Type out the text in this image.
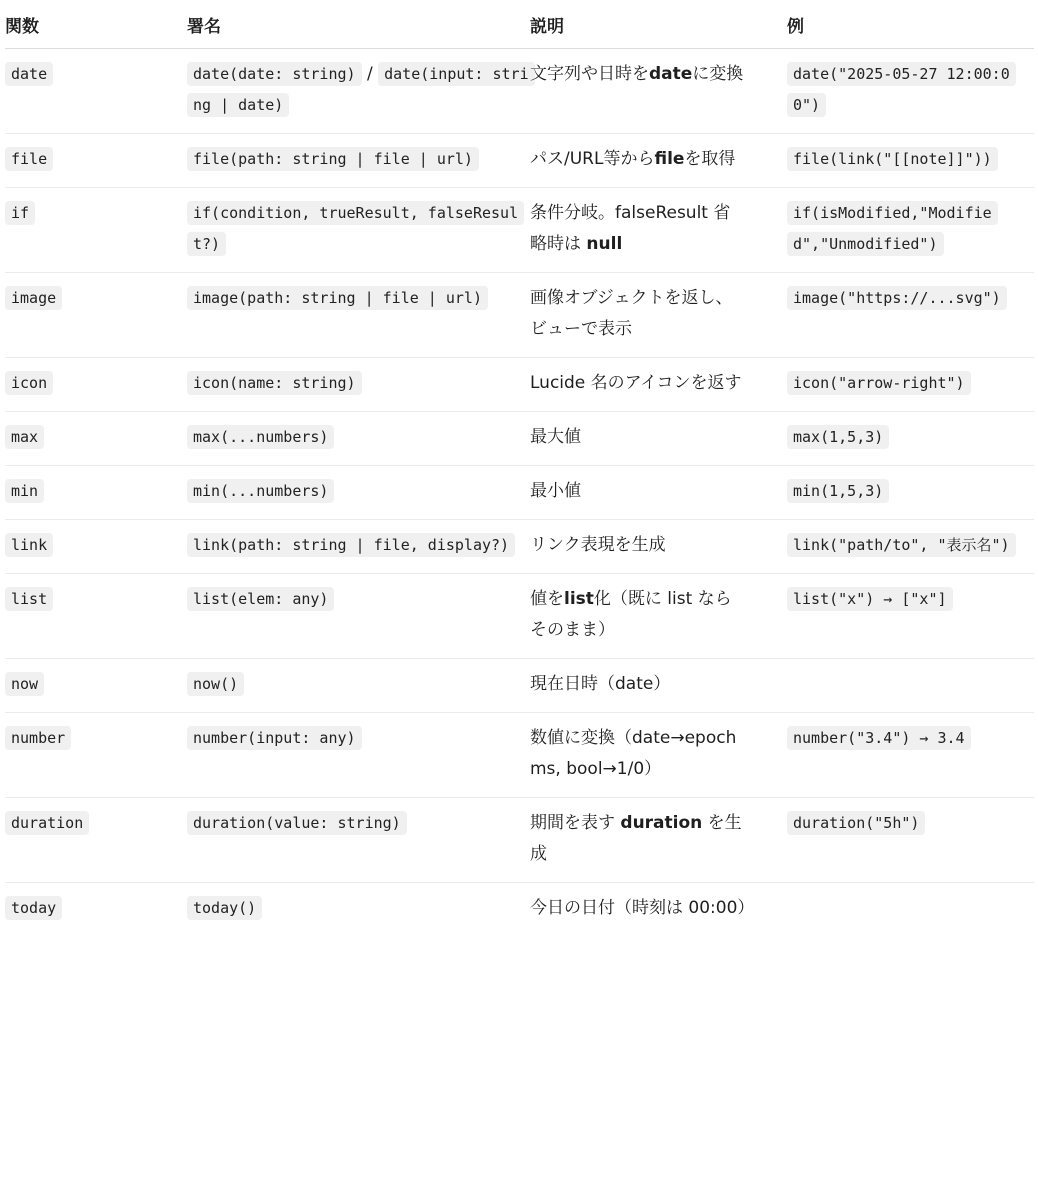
関数	署名	説明	例
date	date(date: string) / date(input: string | date)	文字列や日時をdateに変換	date("2025-05-27 12:00:00")
file	file(path: string | file | url)	パス/URL等からfileを取得	file(link("[[note]]"))
if	if(condition, trueResult, falseResult?)	条件分岐。falseResult 省略時は null	if(isModified,"Modified","Unmodified")
image	image(path: string | file | url)	画像オブジェクトを返し、ビューで表示	image("https://...svg")
icon	icon(name: string)	Lucide 名のアイコンを返す	icon("arrow-right")
max	max(...numbers)	最大値	max(1,5,3)
min	min(...numbers)	最小値	min(1,5,3)
link	link(path: string | file, display?)	リンク表現を生成	link("path/to", "表示名")
list	list(elem: any)	値をlist化（既に list ならそのまま）	list("x") → ["x"]
now	now()	現在日時（date）	
number	number(input: any)	数値に変換（date→epoch ms, bool→1/0）	number("3.4") → 3.4
duration	duration(value: string)	期間を表す duration を生成	duration("5h")
today	today()	今日の日付（時刻は 00:00）	
